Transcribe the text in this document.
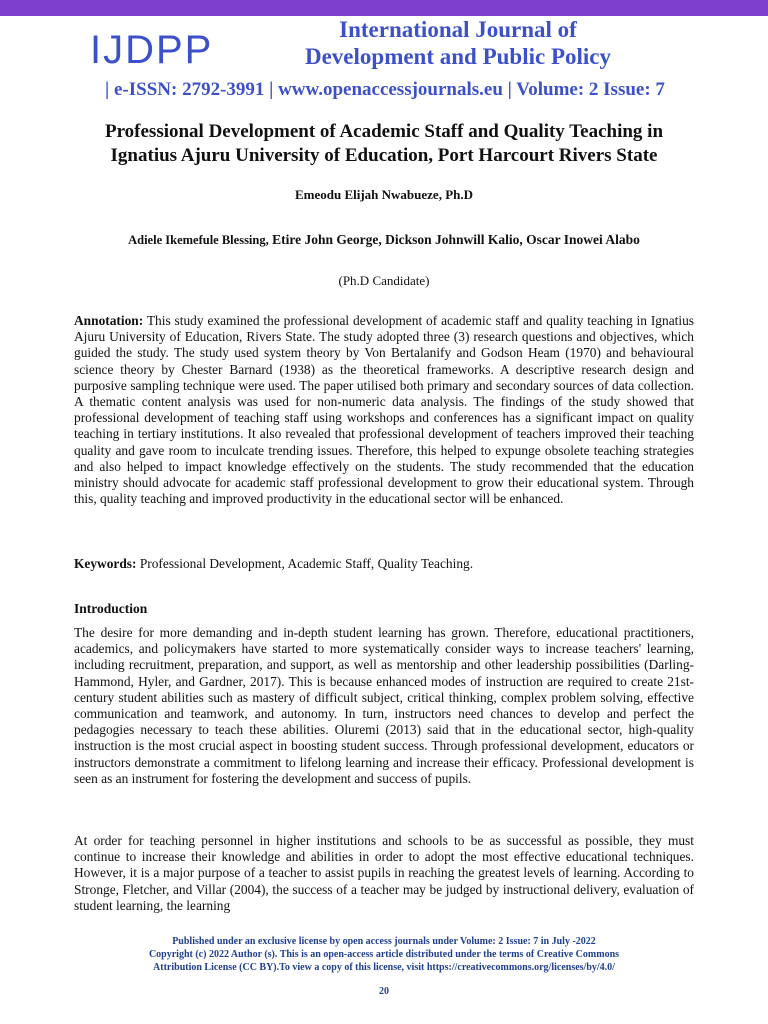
IJDPP	International Journal of
Development and Public Policy
| e-ISSN: 2792-3991 | www.openaccessjournals.eu | Volume: 2 Issue: 7
Professional Development of Academic Staff and Quality Teaching in
Ignatius Ajuru University of Education, Port Harcourt Rivers State
Emeodu Elijah Nwabueze, Ph.D
Adiele Ikemefule Blessing, Etire John George, Dickson Johnwill Kalio, Oscar Inowei Alabo
(Ph.D Candidate)

Annotation: This study examined the professional development of academic staff and quality teaching in Ignatius Ajuru University of Education, Rivers State. The study adopted three (3) research questions and objectives, which guided the study. The study used system theory by Von Bertalanify and Godson Heam (1970) and behavioural science theory by Chester Barnard (1938) as the theoretical frameworks. A descriptive research design and purposive sampling technique were used. The paper utilised both primary and secondary sources of data collection. A thematic content analysis was used for non-numeric data analysis. The findings of the study showed that professional development of teaching staff using workshops and conferences has a significant impact on quality teaching in tertiary institutions. It also revealed that professional development of teachers improved their teaching quality and gave room to inculcate trending issues. Therefore, this helped to expunge obsolete teaching strategies and also helped to impact knowledge effectively on the students. The study recommended that the education ministry should advocate for academic staff professional development to grow their educational system. Through this, quality teaching and improved productivity in the educational sector will be enhanced.

Keywords: Professional Development, Academic Staff, Quality Teaching.

Introduction

The desire for more demanding and in-depth student learning has grown. Therefore, educational practitioners, academics, and policymakers have started to more systematically consider ways to increase teachers' learning, including recruitment, preparation, and support, as well as mentorship and other leadership possibilities (Darling-Hammond, Hyler, and Gardner, 2017). This is because enhanced modes of instruction are required to create 21st-century student abilities such as mastery of difficult subject, critical thinking, complex problem solving, effective communication and teamwork, and autonomy. In turn, instructors need chances to develop and perfect the pedagogies necessary to teach these abilities. Oluremi (2013) said that in the educational sector, high-quality instruction is the most crucial aspect in boosting student success. Through professional development, educators or instructors demonstrate a commitment to lifelong learning and increase their efficacy. Professional development is seen as an instrument for fostering the development and success of pupils.

At order for teaching personnel in higher institutions and schools to be as successful as possible, they must continue to increase their knowledge and abilities in order to adopt the most effective educational techniques. However, it is a major purpose of a teacher to assist pupils in reaching the greatest levels of learning. According to Stronge, Fletcher, and Villar (2004), the success of a teacher may be judged by instructional delivery, evaluation of student learning, the learning

Published under an exclusive license by open access journals under Volume: 2 Issue: 7 in July -2022
Copyright (c) 2022 Author (s). This is an open-access article distributed under the terms of Creative Commons
Attribution License (CC BY).To view a copy of this license, visit https://creativecommons.org/licenses/by/4.0/
20
